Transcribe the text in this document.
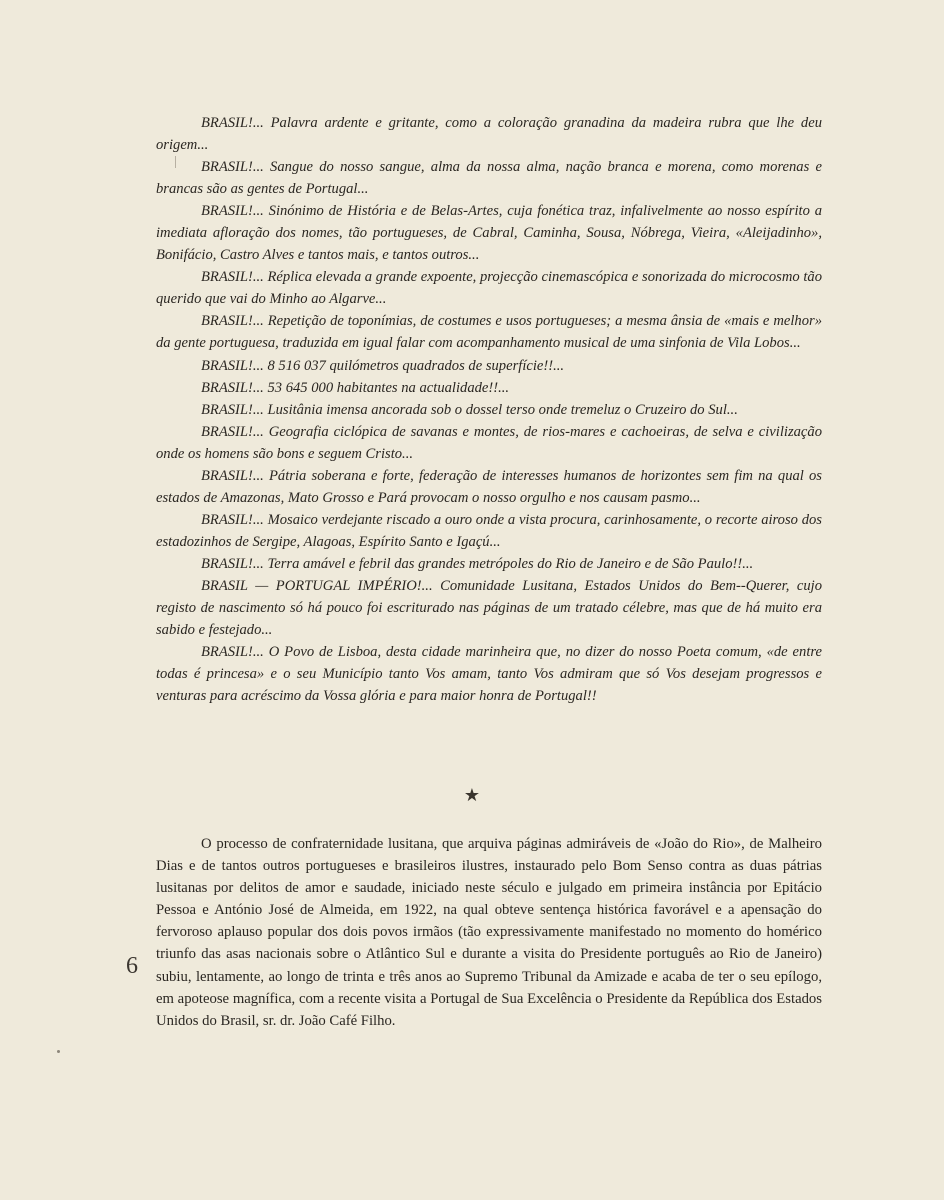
BRASIL!... Palavra ardente e gritante, como a coloração granadina da madeira rubra que lhe deu origem...

BRASIL!... Sangue do nosso sangue, alma da nossa alma, nação branca e morena, como morenas e brancas são as gentes de Portugal...

BRASIL!... Sinónimo de História e de Belas-Artes, cuja fonética traz, infalivelmente ao nosso espírito a imediata afloração dos nomes, tão portugueses, de Cabral, Caminha, Sousa, Nóbrega, Vieira, «Aleijadinho», Bonifácio, Castro Alves e tantos mais, e tantos outros...

BRASIL!... Réplica elevada a grande expoente, projecção cinemascópica e sonorizada do microcosmo tão querido que vai do Minho ao Algarve...

BRASIL!... Repetição de toponímias, de costumes e usos portugueses; a mesma ânsia de «mais e melhor» da gente portuguesa, traduzida em igual falar com acompanhamento musical de uma sinfonia de Vila Lobos...

BRASIL!... 8 516 037 quilómetros quadrados de superfície!!...

BRASIL!... 53 645 000 habitantes na actualidade!!...

BRASIL!... Lusitânia imensa ancorada sob o dossel terso onde tremeluz o Cruzeiro do Sul...

BRASIL!... Geografia ciclópica de savanas e montes, de rios-mares e cachoeiras, de selva e civilização onde os homens são bons e seguem Cristo...

BRASIL!... Pátria soberana e forte, federação de interesses humanos de horizontes sem fim na qual os estados de Amazonas, Mato Grosso e Pará provocam o nosso orgulho e nos causam pasmo...

BRASIL!... Mosaico verdejante riscado a ouro onde a vista procura, carinhosamente, o recorte airoso dos estadozinhos de Sergipe, Alagoas, Espírito Santo e Igaçú...

BRASIL!... Terra amável e febril das grandes metrópoles do Rio de Janeiro e de São Paulo!!...

BRASIL — PORTUGAL IMPÉRIO!... Comunidade Lusitana, Estados Unidos do Bem--Querer, cujo registo de nascimento só há pouco foi escriturado nas páginas de um tratado célebre, mas que de há muito era sabido e festejado...

BRASIL!... O Povo de Lisboa, desta cidade marinheira que, no dizer do nosso Poeta comum, «de entre todas é princesa» e o seu Município tanto Vos amam, tanto Vos admiram que só Vos desejam progressos e venturas para acréscimo da Vossa glória e para maior honra de Portugal!!

★

O processo de confraternidade lusitana, que arquiva páginas admiráveis de «João do Rio», de Malheiro Dias e de tantos outros portugueses e brasileiros ilustres, instaurado pelo Bom Senso contra as duas pátrias lusitanas por delitos de amor e saudade, iniciado neste século e julgado em primeira instância por Epitácio Pessoa e António José de Almeida, em 1922, na qual obteve sentença histórica favorável e a apensação do fervoroso aplauso popular dos dois povos irmãos (tão expressivamente manifestado no momento do homérico triunfo das asas nacionais sobre o Atlântico Sul e durante a visita do Presidente português ao Rio de Janeiro) subiu, lentamente, ao longo de trinta e três anos ao Supremo Tribunal da Amizade e acaba de ter o seu epílogo, em apoteose magnífica, com a recente visita a Portugal de Sua Excelência o Presidente da República dos Estados Unidos do Brasil, sr. dr. João Café Filho.

6
